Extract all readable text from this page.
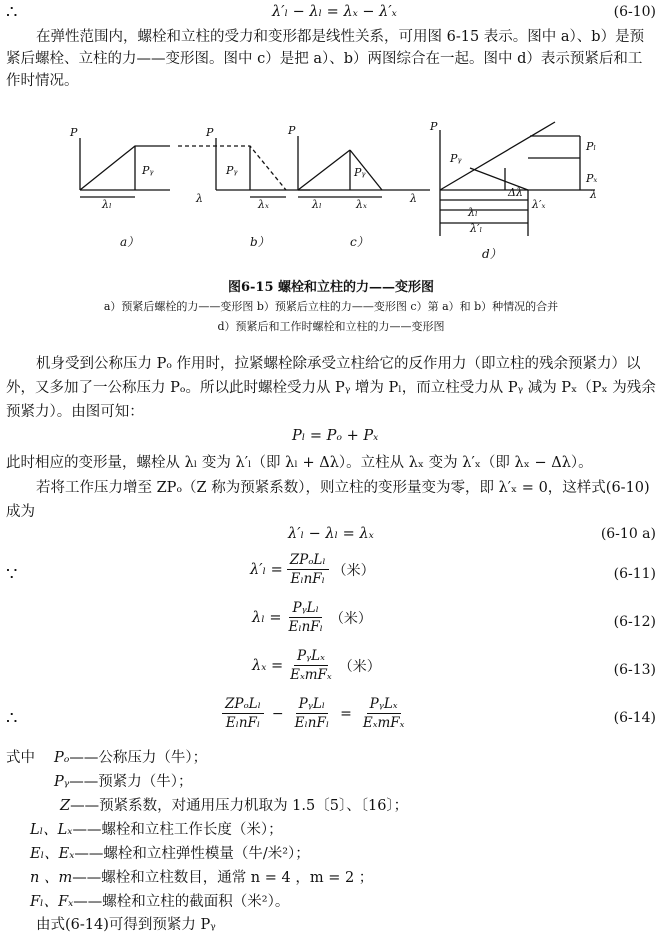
∴	λ′ₗ − λₗ = λₓ − λ′ₓ	(6-10)
在弹性范围内，螺栓和立柱的受力和变形都是线性关系，可用图 6-15 表示。图中 a）、b）是预紧后螺栓、立柱的力——变形图。图中 c）是把 a）、b）两图综合在一起。图中 d）表示预紧后和工作时情况。
P
λₗ
Pᵧ
P
Pᵧ
λ	λₓ
P
λₗ	λₓ
Pᵧ
λ
P
Pᵧ
Pₗ
Pₓ
λ
λₗ
Δλ
λ′ₓ
λ′ₗ
a）	b）	c）
d）
图6-15 螺栓和立柱的力——变形图
a）预紧后螺栓的力——变形图 b）预紧后立柱的力——变形图 c）第 a）和 b）种情况的合并
d）预紧后和工作时螺栓和立柱的力——变形图
机身受到公称压力 Pₒ 作用时，拉紧螺栓除承受立柱给它的反作用力（即立柱的残余预紧力）以外，又多加了一公称压力 Pₒ。所以此时螺栓受力从 Pᵧ 增为 Pₗ，而立柱受力从 Pᵧ 减为 Pₓ（Pₓ 为残余预紧力）。由图可知：
Pₗ = Pₒ + Pₓ
此时相应的变形量，螺栓从 λₗ 变为 λ′ₗ（即 λₗ + Δλ）。立柱从 λₓ 变为 λ′ₓ（即 λₓ − Δλ）。
若将工作压力增至 ZPₒ（Z 称为预紧系数），则立柱的变形量变为零，即 λ′ₓ = 0，这样式(6-10)成为
λ′ₗ − λₗ = λₓ	(6-10 a)
∵	$\lambda'_l = \frac{\text{ZPₒLₗ}}{\text{EₗnFₗ}}$ （米）	(6-11)
$\lambda_l = \frac{\text{PᵧLₗ}}{\text{EₗnFₗ}}$ （米）	(6-12)
$\lambda_x = \frac{\text{PᵧLₓ}}{\text{EₓmFₓ}}$ （米）	(6-13)
∴	$\frac{\text{ZPₒLₗ}}{\text{EₗnFₗ}} - \frac{\text{PᵧLₗ}}{\text{EₗnFₗ}} = \frac{\text{PᵧLₓ}}{\text{EₓmFₓ}}$	(6-14)
式中 Pₒ——公称压力（牛）；
Pᵧ——预紧力（牛）；
Z——预紧系数，对通用压力机取为 1.5〔5〕、〔16〕；
Lₗ、Lₓ——螺栓和立柱工作长度（米）；
Eₗ、Eₓ——螺栓和立柱弹性模量（牛/米²）；
n 、m——螺栓和立柱数目，通常 n = 4 ，m = 2 ；
Fₗ、Fₓ——螺栓和立柱的截面积（米²）。
由式(6-14)可得到预紧力 Pᵧ
